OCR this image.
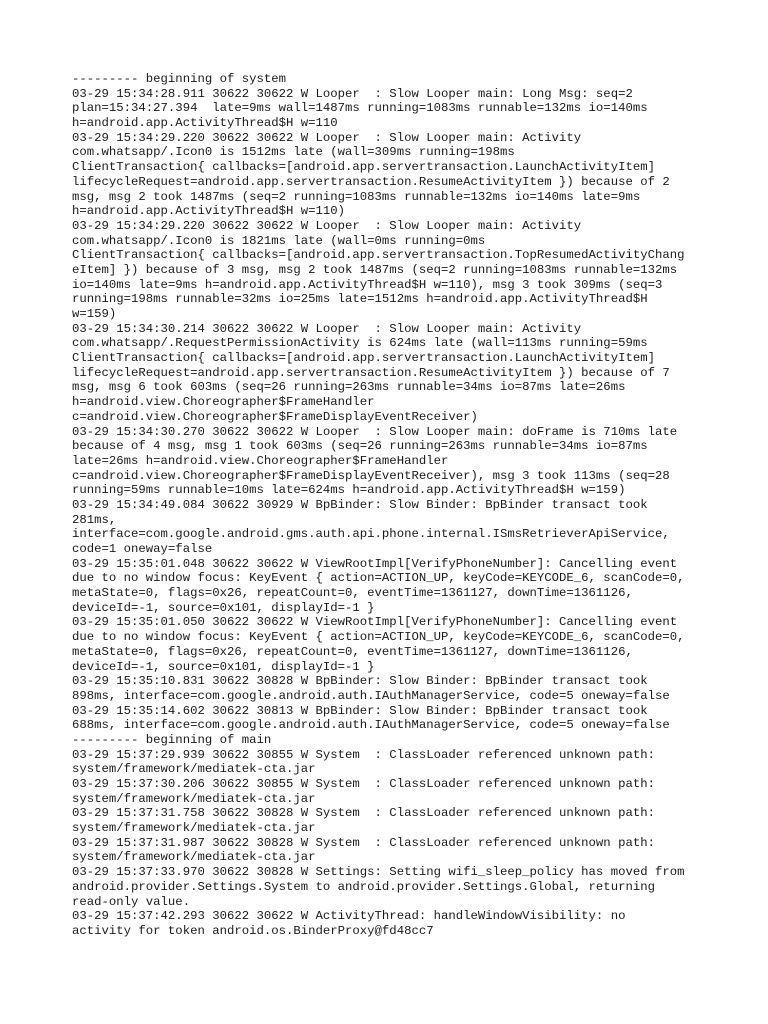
--------- beginning of system
03-29 15:34:28.911 30622 30622 W Looper  : Slow Looper main: Long Msg: seq=2
plan=15:34:27.394  late=9ms wall=1487ms running=1083ms runnable=132ms io=140ms
h=android.app.ActivityThread$H w=110
03-29 15:34:29.220 30622 30622 W Looper  : Slow Looper main: Activity
com.whatsapp/.Icon0 is 1512ms late (wall=309ms running=198ms
ClientTransaction{ callbacks=[android.app.servertransaction.LaunchActivityItem]
lifecycleRequest=android.app.servertransaction.ResumeActivityItem }) because of 2
msg, msg 2 took 1487ms (seq=2 running=1083ms runnable=132ms io=140ms late=9ms
h=android.app.ActivityThread$H w=110)
03-29 15:34:29.220 30622 30622 W Looper  : Slow Looper main: Activity
com.whatsapp/.Icon0 is 1821ms late (wall=0ms running=0ms
ClientTransaction{ callbacks=[android.app.servertransaction.TopResumedActivityChang
eItem] }) because of 3 msg, msg 2 took 1487ms (seq=2 running=1083ms runnable=132ms
io=140ms late=9ms h=android.app.ActivityThread$H w=110), msg 3 took 309ms (seq=3
running=198ms runnable=32ms io=25ms late=1512ms h=android.app.ActivityThread$H
w=159)
03-29 15:34:30.214 30622 30622 W Looper  : Slow Looper main: Activity
com.whatsapp/.RequestPermissionActivity is 624ms late (wall=113ms running=59ms
ClientTransaction{ callbacks=[android.app.servertransaction.LaunchActivityItem]
lifecycleRequest=android.app.servertransaction.ResumeActivityItem }) because of 7
msg, msg 6 took 603ms (seq=26 running=263ms runnable=34ms io=87ms late=26ms
h=android.view.Choreographer$FrameHandler
c=android.view.Choreographer$FrameDisplayEventReceiver)
03-29 15:34:30.270 30622 30622 W Looper  : Slow Looper main: doFrame is 710ms late
because of 4 msg, msg 1 took 603ms (seq=26 running=263ms runnable=34ms io=87ms
late=26ms h=android.view.Choreographer$FrameHandler
c=android.view.Choreographer$FrameDisplayEventReceiver), msg 3 took 113ms (seq=28
running=59ms runnable=10ms late=624ms h=android.app.ActivityThread$H w=159)
03-29 15:34:49.084 30622 30929 W BpBinder: Slow Binder: BpBinder transact took
281ms,
interface=com.google.android.gms.auth.api.phone.internal.ISmsRetrieverApiService,
code=1 oneway=false
03-29 15:35:01.048 30622 30622 W ViewRootImpl[VerifyPhoneNumber]: Cancelling event
due to no window focus: KeyEvent { action=ACTION_UP, keyCode=KEYCODE_6, scanCode=0,
metaState=0, flags=0x26, repeatCount=0, eventTime=1361127, downTime=1361126,
deviceId=-1, source=0x101, displayId=-1 }
03-29 15:35:01.050 30622 30622 W ViewRootImpl[VerifyPhoneNumber]: Cancelling event
due to no window focus: KeyEvent { action=ACTION_UP, keyCode=KEYCODE_6, scanCode=0,
metaState=0, flags=0x26, repeatCount=0, eventTime=1361127, downTime=1361126,
deviceId=-1, source=0x101, displayId=-1 }
03-29 15:35:10.831 30622 30828 W BpBinder: Slow Binder: BpBinder transact took
898ms, interface=com.google.android.auth.IAuthManagerService, code=5 oneway=false
03-29 15:35:14.602 30622 30813 W BpBinder: Slow Binder: BpBinder transact took
688ms, interface=com.google.android.auth.IAuthManagerService, code=5 oneway=false
--------- beginning of main
03-29 15:37:29.939 30622 30855 W System  : ClassLoader referenced unknown path:
system/framework/mediatek-cta.jar
03-29 15:37:30.206 30622 30855 W System  : ClassLoader referenced unknown path:
system/framework/mediatek-cta.jar
03-29 15:37:31.758 30622 30828 W System  : ClassLoader referenced unknown path:
system/framework/mediatek-cta.jar
03-29 15:37:31.987 30622 30828 W System  : ClassLoader referenced unknown path:
system/framework/mediatek-cta.jar
03-29 15:37:33.970 30622 30828 W Settings: Setting wifi_sleep_policy has moved from
android.provider.Settings.System to android.provider.Settings.Global, returning
read-only value.
03-29 15:37:42.293 30622 30622 W ActivityThread: handleWindowVisibility: no
activity for token android.os.BinderProxy@fd48cc7
